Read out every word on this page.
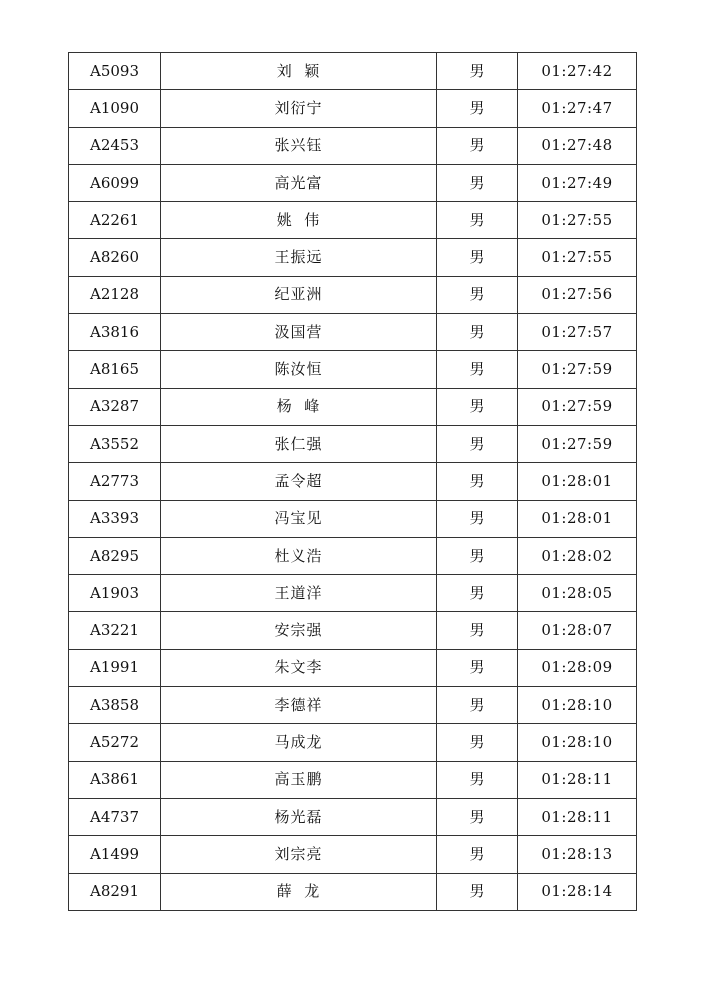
A5093	刘  颖	男	01:27:42
A1090	刘衍宁	男	01:27:47
A2453	张兴钰	男	01:27:48
A6099	高光富	男	01:27:49
A2261	姚  伟	男	01:27:55
A8260	王振远	男	01:27:55
A2128	纪亚洲	男	01:27:56
A3816	汲国营	男	01:27:57
A8165	陈汝恒	男	01:27:59
A3287	杨  峰	男	01:27:59
A3552	张仁强	男	01:27:59
A2773	孟令超	男	01:28:01
A3393	冯宝见	男	01:28:01
A8295	杜义浩	男	01:28:02
A1903	王道洋	男	01:28:05
A3221	安宗强	男	01:28:07
A1991	朱文李	男	01:28:09
A3858	李德祥	男	01:28:10
A5272	马成龙	男	01:28:10
A3861	高玉鹏	男	01:28:11
A4737	杨光磊	男	01:28:11
A1499	刘宗亮	男	01:28:13
A8291	薛  龙	男	01:28:14
